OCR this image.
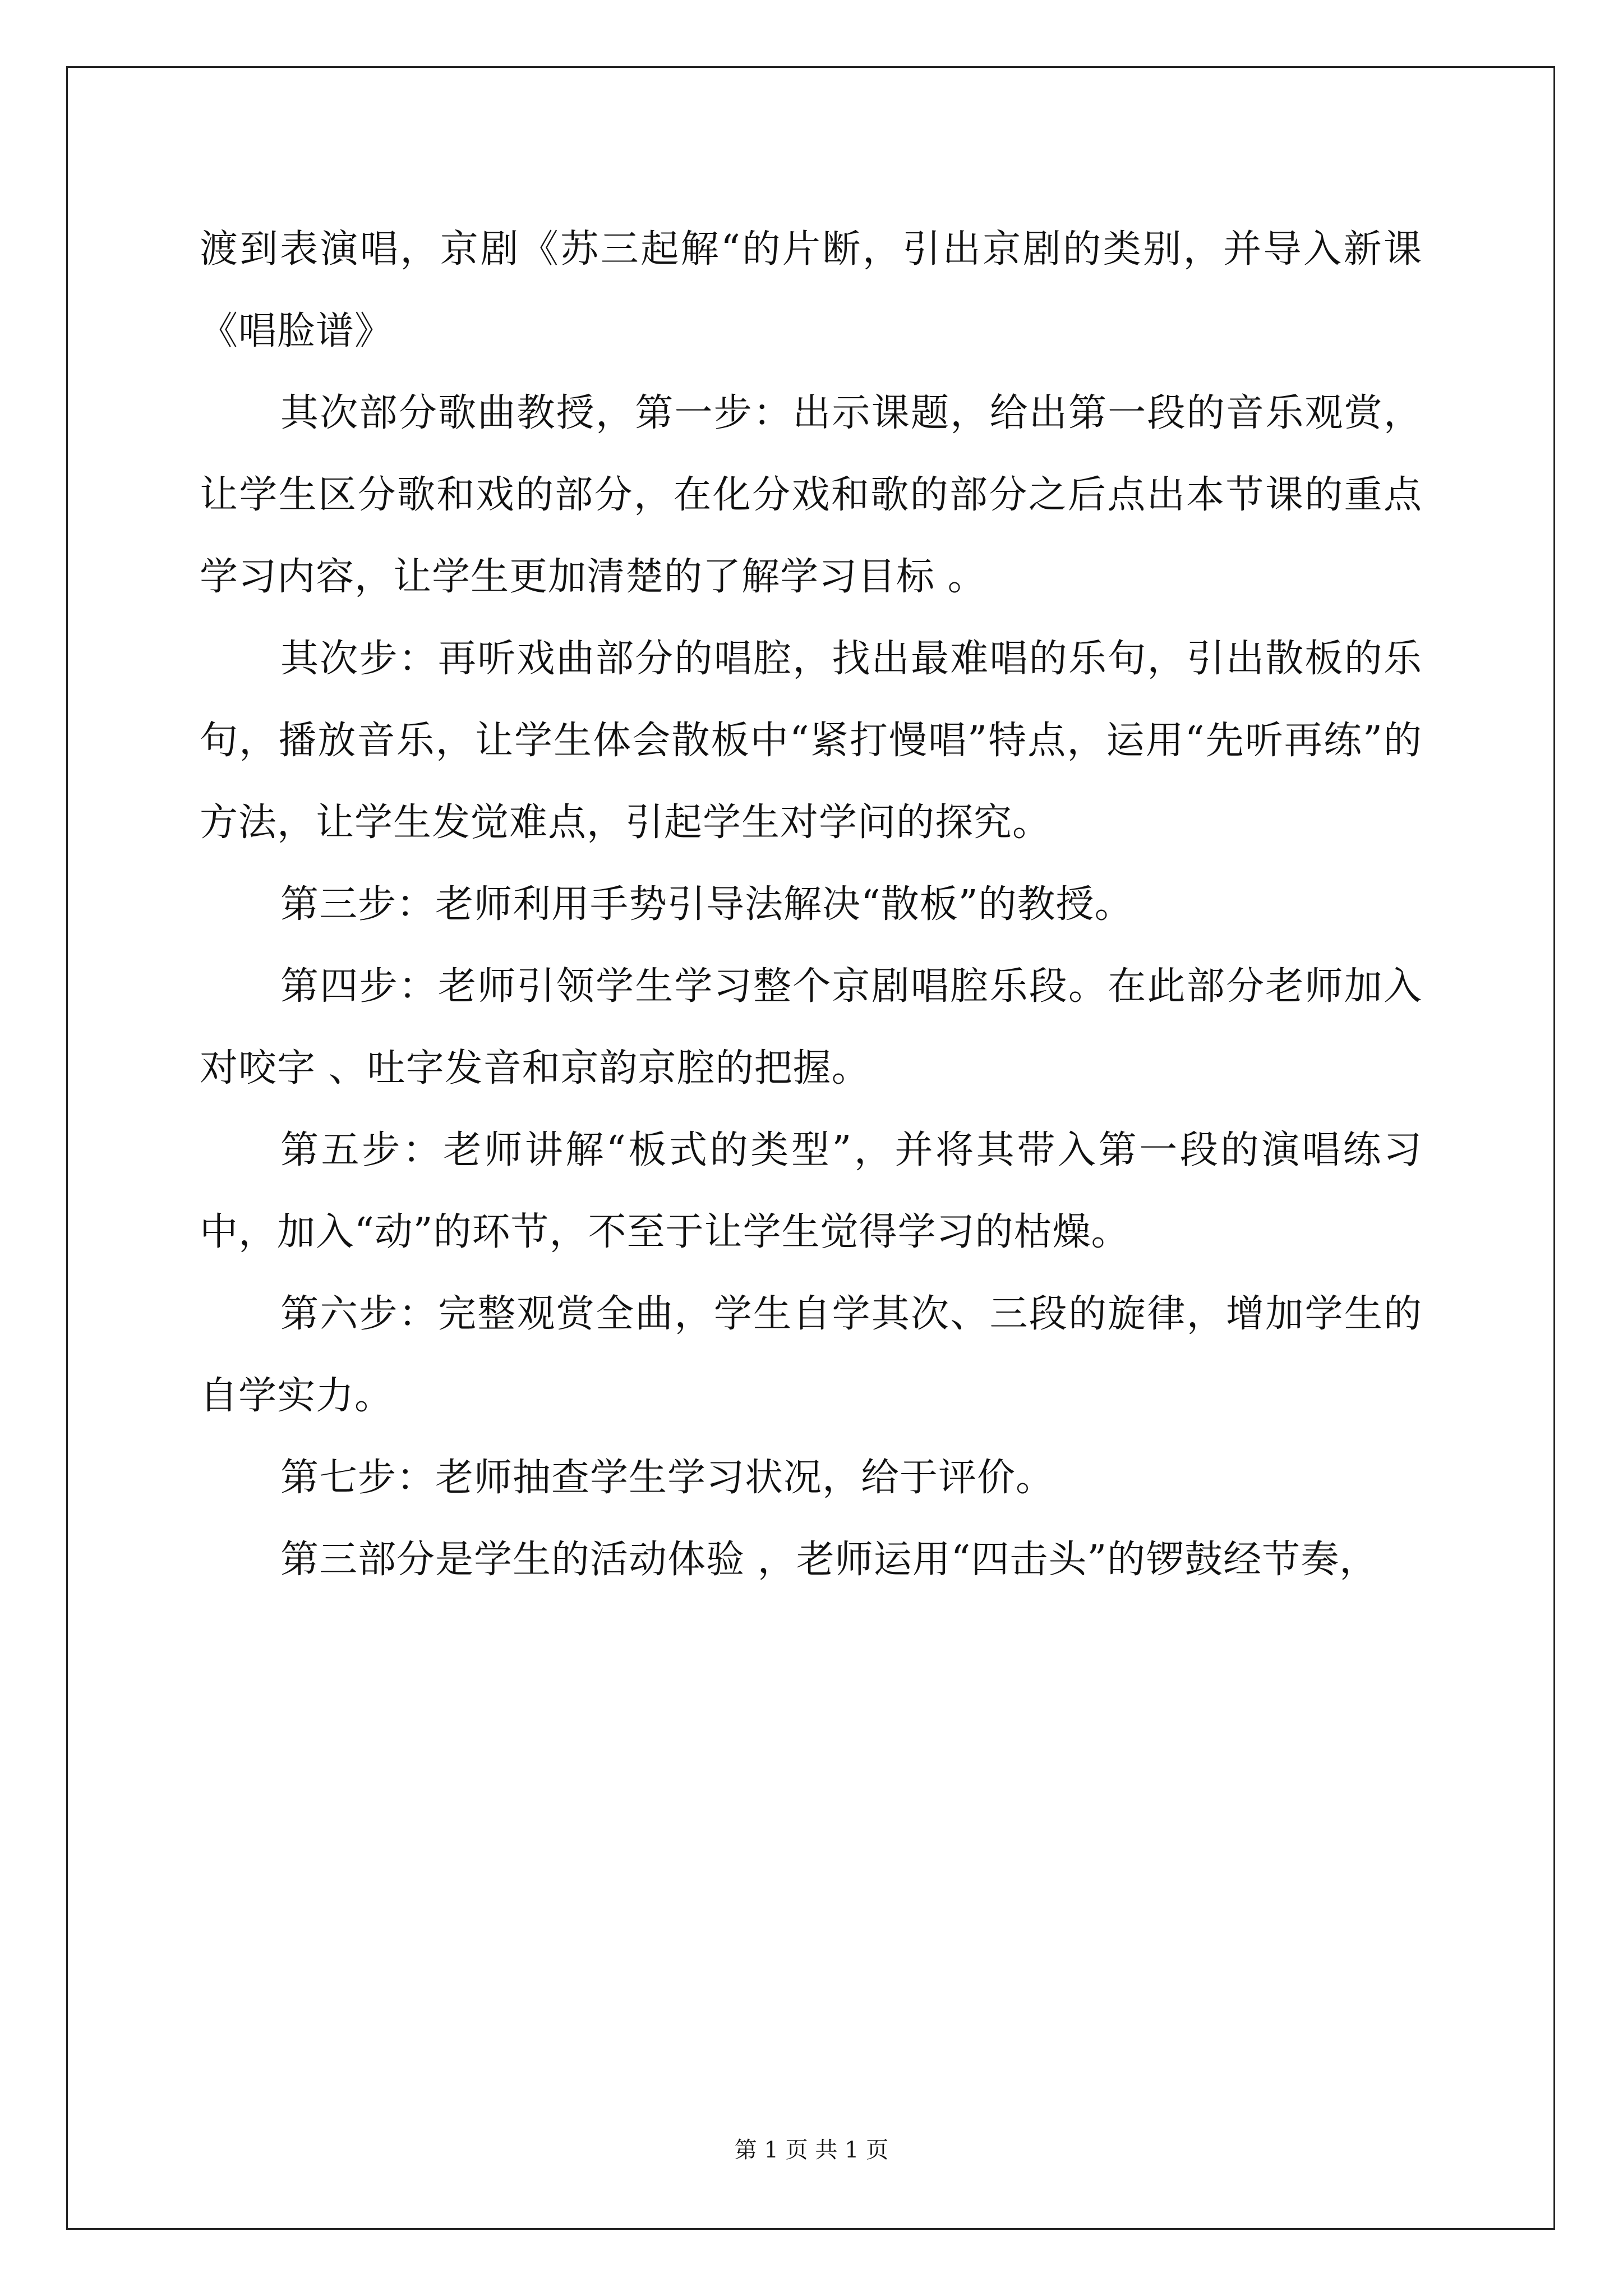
渡到表演唱，京剧《苏三起解“的片断，引出京剧的类别，并导入新课《唱脸谱》

其次部分歌曲教授，第一步：出示课题，给出第一段的音乐观赏，让学生区分歌和戏的部分，在化分戏和歌的部分之后点出本节课的重点学习内容，让学生更加清楚的了解学习目标 。

其次步：再听戏曲部分的唱腔，找出最难唱的乐句，引出散板的乐句，播放音乐，让学生体会散板中“紧打慢唱”特点，运用“先听再练”的方法，让学生发觉难点，引起学生对学问的探究。

第三步：老师利用手势引导法解决“散板”的教授。

第四步：老师引领学生学习整个京剧唱腔乐段。在此部分老师加入对咬字 、吐字发音和京韵京腔的把握。

第五步：老师讲解“板式的类型”，并将其带入第一段的演唱练习中，加入“动”的环节，不至于让学生觉得学习的枯燥。

第六步：完整观赏全曲，学生自学其次、三段的旋律，增加学生的自学实力。

第七步：老师抽查学生学习状况，给于评价。

第三部分是学生的活动体验 ，老师运用“四击头”的锣鼓经节奏，

第 1 页 共 1 页
